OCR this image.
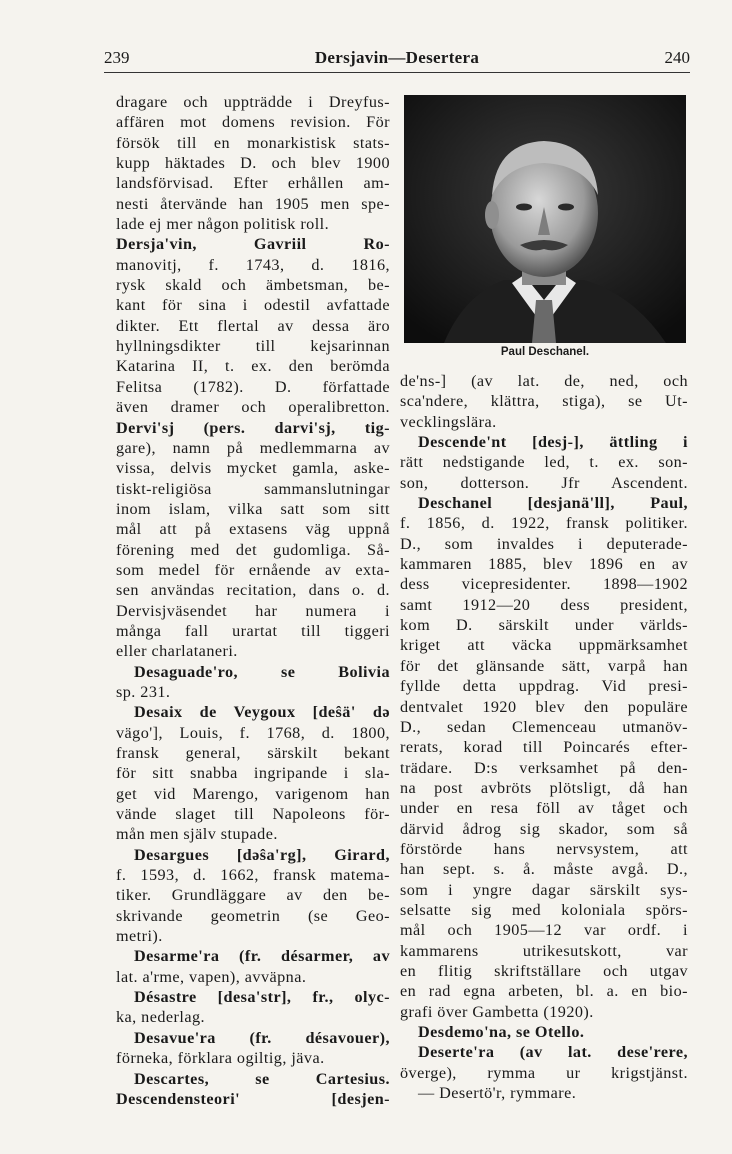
239	Dersjavin—Desertera	240
Paul Deschanel.
dragare och uppträdde i Dreyfus-
affären mot domens revision. För
försök till en monarkistisk stats-
kupp häktades D. och blev 1900
landsförvisad. Efter erhållen am-
nesti återvände han 1905 men spe-
lade ej mer någon politisk roll.
Dersja'vin, Gavriil Ro-
manovitj, f. 1743, d. 1816,
rysk skald och ämbetsman, be-
kant för sina i odestil avfattade
dikter. Ett flertal av dessa äro
hyllningsdikter till kejsarinnan
Katarina II, t. ex. den berömda
Felitsa (1782). D. författade
även dramer och operalibretton.
Dervi'sj (pers. darvi'sj, tig-
gare), namn på medlemmarna av
vissa, delvis mycket gamla, aske-
tiskt-religiösa sammanslutningar
inom islam, vilka satt som sitt
mål att på extasens väg uppnå
förening med det gudomliga. Så-
som medel för ernående av exta-
sen användas recitation, dans o. d.
Dervisjväsendet har numera i
många fall urartat till tiggeri
eller charlataneri.
Desaguade'ro, se Bolivia
sp. 231.
Desaix de Veygoux [deŝä' də
vägo'], Louis, f. 1768, d. 1800,
fransk general, särskilt bekant
för sitt snabba ingripande i sla-
get vid Marengo, varigenom han
vände slaget till Napoleons för-
mån men själv stupade.
Desargues [dəŝa'rg], Girard,
f. 1593, d. 1662, fransk matema-
tiker. Grundläggare av den be-
skrivande geometrin (se Geo-
metri).
Desarme'ra (fr. désarmer, av
lat. a'rme, vapen), avväpna.
Désastre [desa'str], fr., olyc-
ka, nederlag.
Desavue'ra (fr. désavouer),
förneka, förklara ogiltig, jäva.
Descartes, se Cartesius.
Descendensteori' [desjen-
de'ns-] (av lat. de, ned, och
sca'ndere, klättra, stiga), se Ut-
vecklingslära.
Descende'nt [desj-], ättling i
rätt nedstigande led, t. ex. son-
son, dotterson. Jfr Ascendent.
Deschanel [desjanä'll], Paul,
f. 1856, d. 1922, fransk politiker.
D., som invaldes i deputerade-
kammaren 1885, blev 1896 en av
dess vicepresidenter. 1898—1902
samt 1912—20 dess president,
kom D. särskilt under världs-
kriget att väcka uppmärksamhet
för det glänsande sätt, varpå han
fyllde detta uppdrag. Vid presi-
dentvalet 1920 blev den populäre
D., sedan Clemenceau utmanöv-
rerats, korad till Poincarés efter-
trädare. D:s verksamhet på den-
na post avbröts plötsligt, då han
under en resa föll av tåget och
därvid ådrog sig skador, som så
förstörde hans nervsystem, att
han sept. s. å. måste avgå. D.,
som i yngre dagar särskilt sys-
selsatte sig med koloniala spörs-
mål och 1905—12 var ordf. i
kammarens utrikesutskott, var
en flitig skriftställare och utgav
en rad egna arbeten, bl. a. en bio-
grafi över Gambetta (1920).
Desdemo'na, se Otello.
Deserte'ra (av lat. dese'rere,
överge), rymma ur krigstjänst.
— Desertö'r, rymmare.
